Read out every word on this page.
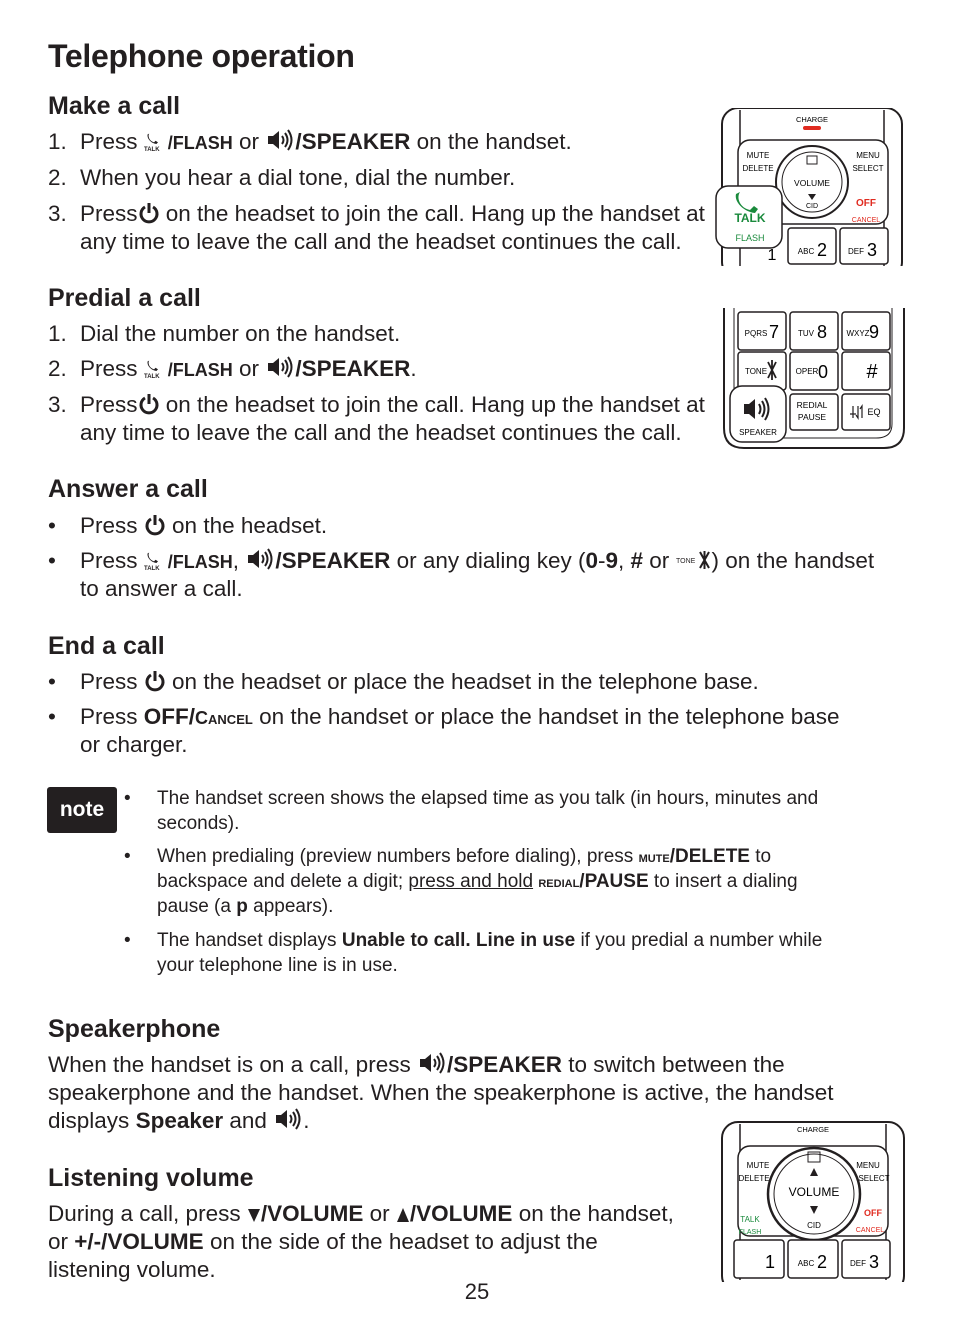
Telephone operation
Make a call
1. Press TALK /FLASH or /SPEAKER on the handset.
2. When you hear a dial tone, dial the number.
3. Press on the headset to join the call. Hang up the handset at
any time to leave the call and the headset continues the call.
Predial a call
1. Dial the number on the handset.
2. Press TALK /FLASH or /SPEAKER.
3. Press on the headset to join the call. Hang up the handset at
any time to leave the call and the headset continues the call.
Answer a call
• Press on the headset.
• Press TALK /FLASH, /SPEAKER or any dialing key (0-9, # or TONE ) on the handset
to answer a call.
End a call
• Press on the headset or place the headset in the telephone base.
• Press OFF/Cancel on the handset or place the handset in the telephone base
or charger.
note	• The handset screen shows the elapsed time as you talk (in hours, minutes and
seconds).
• When predialing (preview numbers before dialing), press mute/DELETE to
backspace and delete a digit; press and hold redial/PAUSE to insert a dialing
pause (a p appears).
• The handset displays Unable to call. Line in use if you predial a number while
your telephone line is in use.
Speakerphone
When the handset is on a call, press /SPEAKER to switch between the
speakerphone and the handset. When the speakerphone is active, the handset
displays Speaker and .
Listening volume
During a call, press /VOLUME or /VOLUME on the handset,
or +/-/VOLUME on the side of the headset to adjust the
listening volume.
25
CHARGE
MUTE
DELETE
MENU
SELECT
VOLUME
CID	OFF
CANCEL
TALK
FLASH
ABC 2	DEF 3
1
PQRS 7 TUV 8 WXYZ 9
TONE	OPER 0 #
SPEAKER
REDIAL
PAUSE	EQ
CHARGE
MUTE
DELETE
MENU
SELECT
TALK
FLASH
OFF
CANCEL
VOLUME
CID
1	ABC 2	DEF 3
